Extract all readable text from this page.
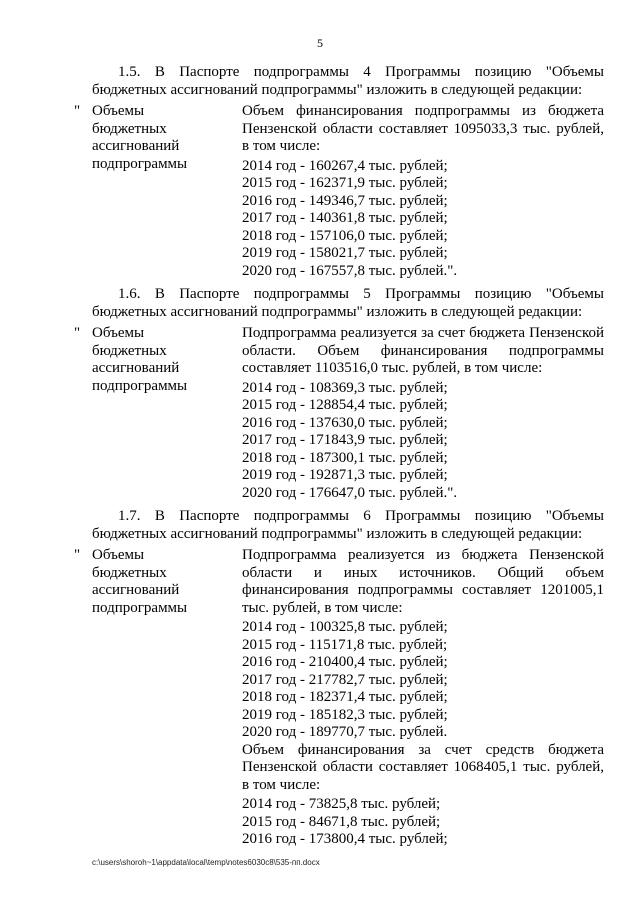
5

1.5. В Паспорте подпрограммы 4 Программы позицию "Объемы бюджетных ассигнований подпрограммы" изложить в следующей редакции:

" Объемы
бюджетных
ассигнований
подпрограммы

Объем финансирования подпрограммы из бюджета Пензенской области составляет 1095033,3 тыс. рублей, в том числе:

2014 год - 160267,4 тыс. рублей;
2015 год - 162371,9 тыс. рублей;
2016 год - 149346,7 тыс. рублей;
2017 год - 140361,8 тыс. рублей;
2018 год - 157106,0 тыс. рублей;
2019 год - 158021,7 тыс. рублей;
2020 год - 167557,8 тыс. рублей.".

1.6. В Паспорте подпрограммы 5 Программы позицию "Объемы бюджетных ассигнований подпрограммы" изложить в следующей редакции:

" Объемы
бюджетных
ассигнований
подпрограммы

Подпрограмма реализуется за счет бюджета Пензенской области. Объем финансирования подпрограммы составляет 1103516,0 тыс. рублей, в том числе:

2014 год - 108369,3 тыс. рублей;
2015 год - 128854,4 тыс. рублей;
2016 год - 137630,0 тыс. рублей;
2017 год - 171843,9 тыс. рублей;
2018 год - 187300,1 тыс. рублей;
2019 год - 192871,3 тыс. рублей;
2020 год - 176647,0 тыс. рублей.".

1.7. В Паспорте подпрограммы 6 Программы позицию "Объемы бюджетных ассигнований подпрограммы" изложить в следующей редакции:

" Объемы
бюджетных
ассигнований
подпрограммы

Подпрограмма реализуется из бюджета Пензенской области и иных источников. Общий объем финансирования подпрограммы составляет 1201005,1 тыс. рублей, в том числе:

2014 год - 100325,8 тыс. рублей;
2015 год - 115171,8 тыс. рублей;
2016 год - 210400,4 тыс. рублей;
2017 год - 217782,7 тыс. рублей;
2018 год - 182371,4 тыс. рублей;
2019 год - 185182,3 тыс. рублей;
2020 год - 189770,7 тыс. рублей.

Объем финансирования за счет средств бюджета Пензенской области составляет 1068405,1 тыс. рублей, в том числе:

2014 год - 73825,8 тыс. рублей;
2015 год - 84671,8 тыс. рублей;
2016 год - 173800,4 тыс. рублей;
c:\users\shoroh~1\appdata\local\temp\notes6030c8\535-пп.docx
